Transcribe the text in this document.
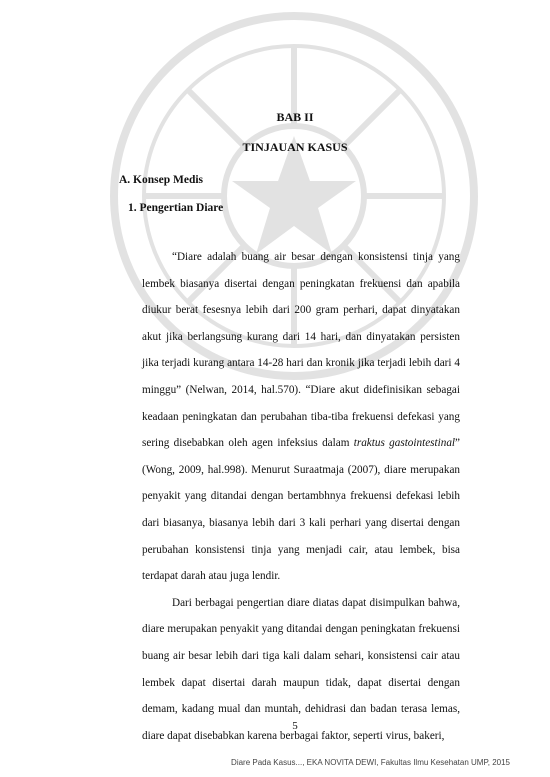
BAB II
TINJAUAN KASUS
A. Konsep Medis
1. Pengertian Diare

“Diare adalah buang air besar dengan konsistensi tinja yang lembek biasanya disertai dengan peningkatan frekuensi dan apabila diukur berat fesesnya lebih dari 200 gram perhari, dapat dinyatakan akut jika berlangsung kurang dari 14 hari, dan dinyatakan persisten jika terjadi kurang antara 14-28 hari dan kronik jika terjadi lebih dari 4 minggu” (Nelwan, 2014, hal.570). “Diare akut didefinisikan sebagai keadaan peningkatan dan perubahan tiba-tiba frekuensi defekasi yang sering disebabkan oleh agen infeksius dalam traktus gastointestinal” (Wong, 2009, hal.998). Menurut Suraatmaja (2007), diare merupakan penyakit yang ditandai dengan bertambhnya frekuensi defekasi lebih dari biasanya, biasanya lebih dari 3 kali perhari yang disertai dengan perubahan konsistensi tinja yang menjadi cair, atau lembek, bisa terdapat darah atau juga lendir.

Dari berbagai pengertian diare diatas dapat disimpulkan bahwa, diare merupakan penyakit yang ditandai dengan peningkatan frekuensi buang air besar lebih dari tiga kali dalam sehari, konsistensi cair atau lembek dapat disertai darah maupun tidak, dapat disertai dengan demam, kadang mual dan muntah, dehidrasi dan badan terasa lemas, diare dapat disebabkan karena berbagai faktor, seperti virus, bakeri,

5
Diare Pada Kasus..., EKA NOVITA DEWI, Fakultas Ilmu Kesehatan UMP, 2015
